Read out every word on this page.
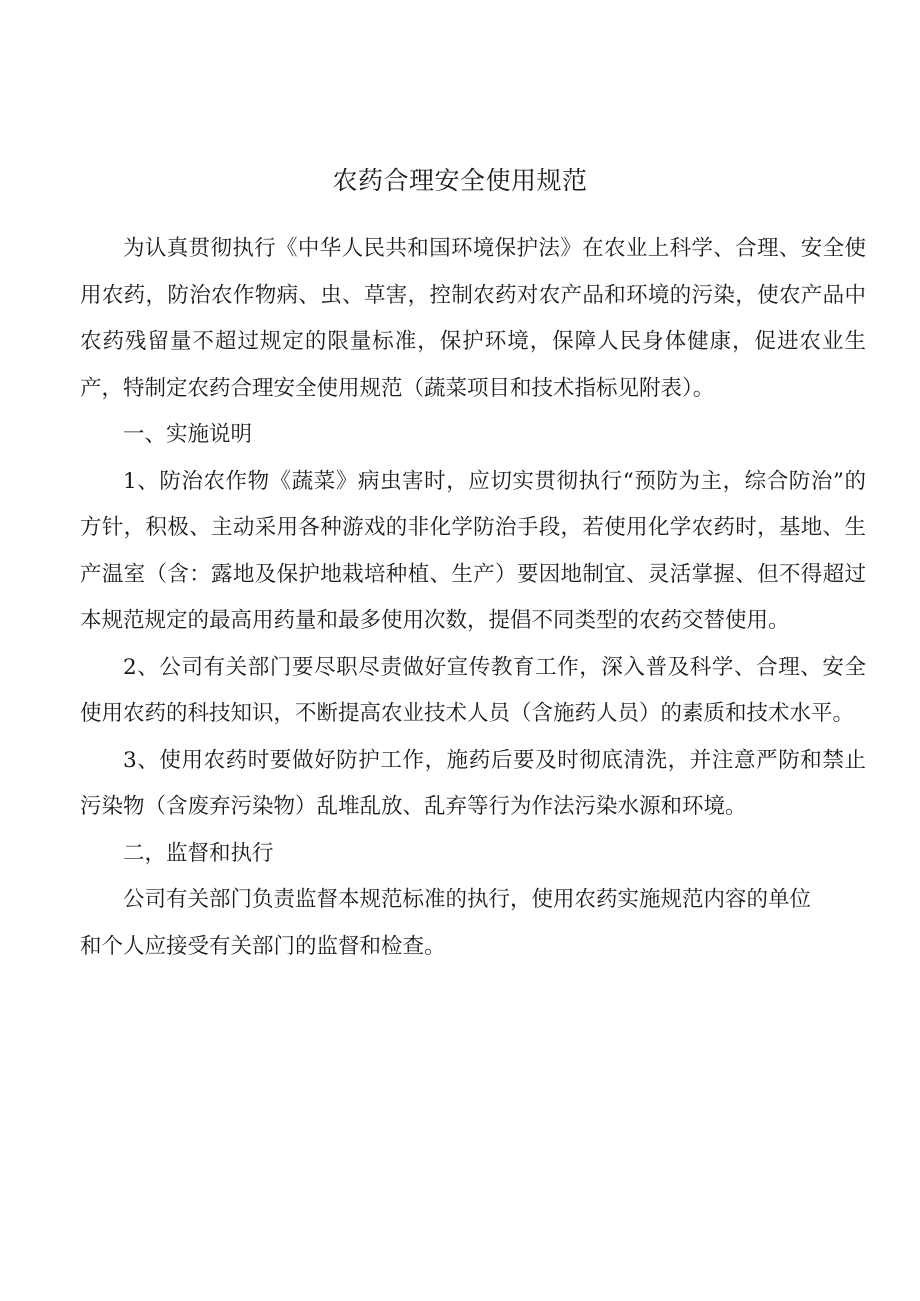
农药合理安全使用规范

为认真贯彻执行《中华人民共和国环境保护法》在农业上科学、合理、安全使用农药，防治农作物病、虫、草害，控制农药对农产品和环境的污染，使农产品中农药残留量不超过规定的限量标准，保护环境，保障人民身体健康，促进农业生产，特制定农药合理安全使用规范（蔬菜项目和技术指标见附表）。

一、实施说明

1、防治农作物《蔬菜》病虫害时，应切实贯彻执行“预防为主，综合防治”的方针，积极、主动采用各种游戏的非化学防治手段，若使用化学农药时，基地、生产温室（含：露地及保护地栽培种植、生产）要因地制宜、灵活掌握、但不得超过本规范规定的最高用药量和最多使用次数，提倡不同类型的农药交替使用。

2、公司有关部门要尽职尽责做好宣传教育工作，深入普及科学、合理、安全使用农药的科技知识，不断提高农业技术人员（含施药人员）的素质和技术水平。

3、使用农药时要做好防护工作，施药后要及时彻底清洗，并注意严防和禁止污染物（含废弃污染物）乱堆乱放、乱弃等行为作法污染水源和环境。

二，监督和执行

公司有关部门负责监督本规范标准的执行，使用农药实施规范内容的单位

和个人应接受有关部门的监督和检查。
